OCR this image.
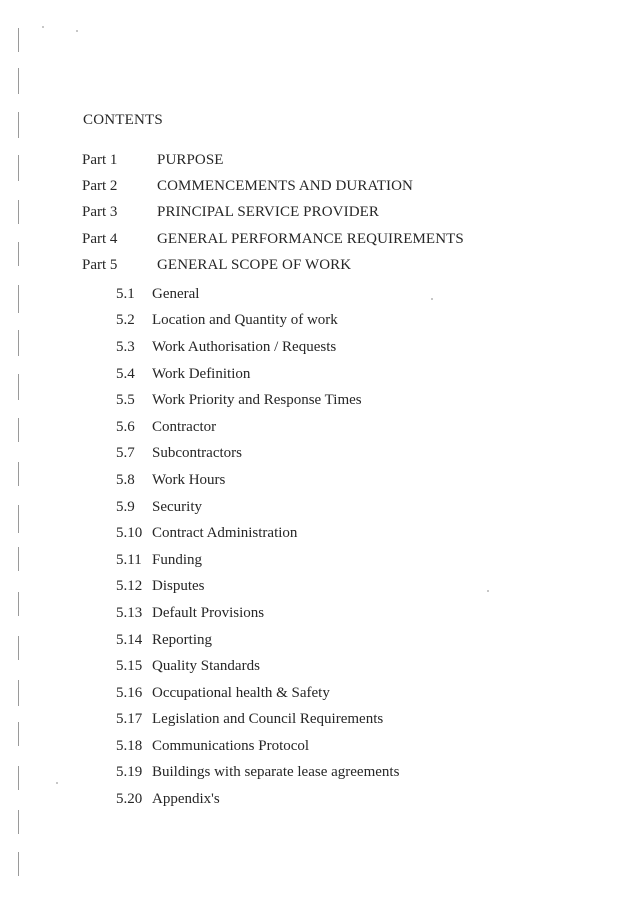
CONTENTS
Part 1	PURPOSE
Part 2	COMMENCEMENTS AND DURATION
Part 3	PRINCIPAL SERVICE PROVIDER
Part 4	GENERAL PERFORMANCE REQUIREMENTS
Part 5	GENERAL SCOPE OF WORK
5.1	General
5.2	Location and Quantity of work
5.3	Work Authorisation / Requests
5.4	Work Definition
5.5	Work Priority and Response Times
5.6	Contractor
5.7	Subcontractors
5.8	Work Hours
5.9	Security
5.10 Contract Administration
5.11 Funding
5.12 Disputes
5.13 Default Provisions
5.14 Reporting
5.15 Quality Standards
5.16 Occupational health & Safety
5.17 Legislation and Council Requirements
5.18 Communications Protocol
5.19 Buildings with separate lease agreements
5.20 Appendix's
